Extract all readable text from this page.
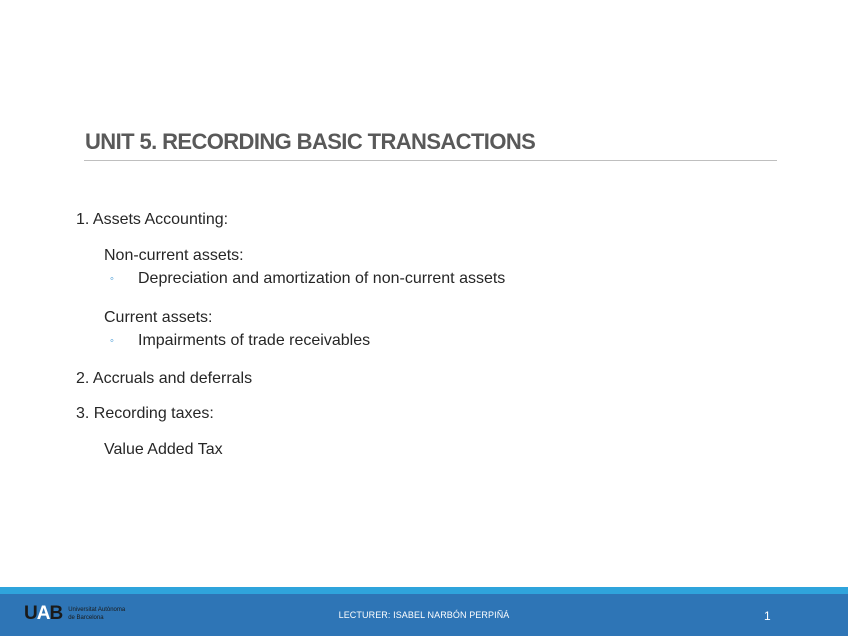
UNIT 5. RECORDING BASIC TRANSACTIONS
1. Assets Accounting:
Non-current assets:
◦ Depreciation and amortization of non-current assets
Current assets:
◦ Impairments of trade receivables
2. Accruals and deferrals
3. Recording taxes:
Value Added Tax
UAB Universitat Autònoma
de Barcelona	LECTURER: ISABEL NARBÓN PERPIÑÁ	1
